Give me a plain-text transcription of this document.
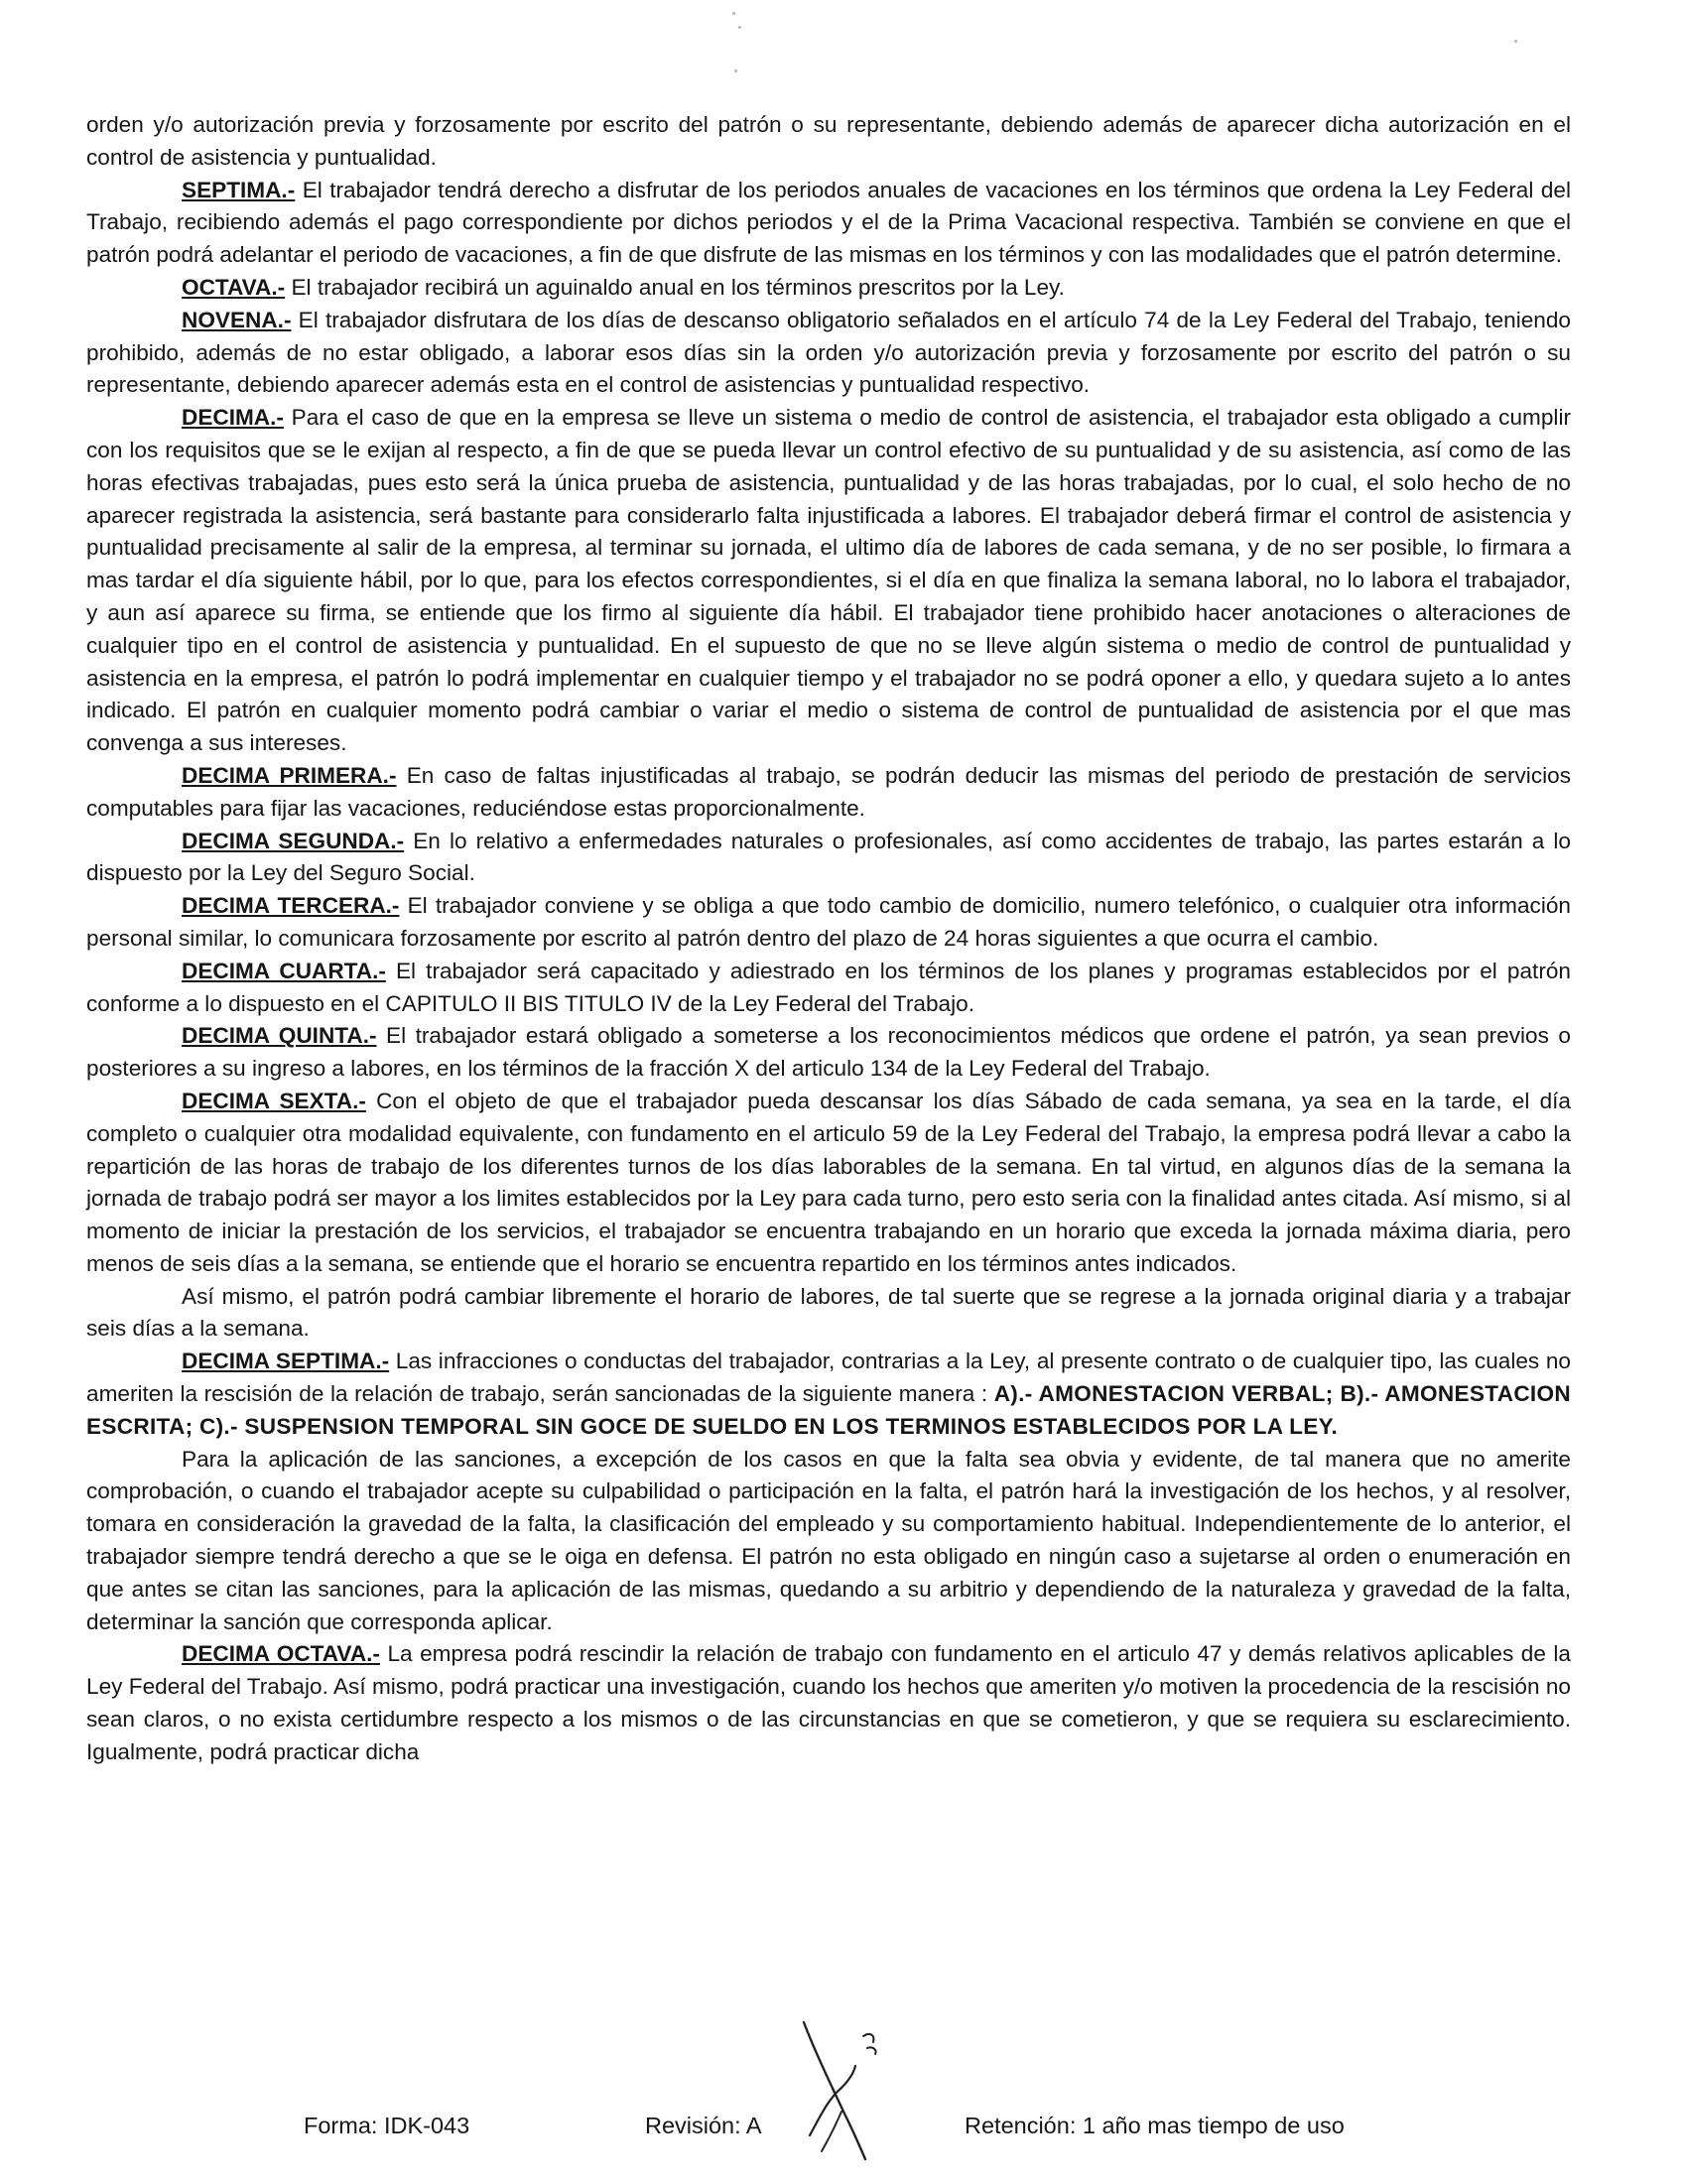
orden y/o autorización previa y forzosamente por escrito del patrón o su representante, debiendo además de aparecer dicha autorización en el control de asistencia y puntualidad.

SEPTIMA.- El trabajador tendrá derecho a disfrutar de los periodos anuales de vacaciones en los términos que ordena la Ley Federal del Trabajo, recibiendo además el pago correspondiente por dichos periodos y el de la Prima Vacacional respectiva. También se conviene en que el patrón podrá adelantar el periodo de vacaciones, a fin de que disfrute de las mismas en los términos y con las modalidades que el patrón determine.

OCTAVA.- El trabajador recibirá un aguinaldo anual en los términos prescritos por la Ley.

NOVENA.- El trabajador disfrutara de los días de descanso obligatorio señalados en el artículo 74 de la Ley Federal del Trabajo, teniendo prohibido, además de no estar obligado, a laborar esos días sin la orden y/o autorización previa y forzosamente por escrito del patrón o su representante, debiendo aparecer además esta en el control de asistencias y puntualidad respectivo.

DECIMA.- Para el caso de que en la empresa se lleve un sistema o medio de control de asistencia, el trabajador esta obligado a cumplir con los requisitos que se le exijan al respecto, a fin de que se pueda llevar un control efectivo de su puntualidad y de su asistencia, así como de las horas efectivas trabajadas, pues esto será la única prueba de asistencia, puntualidad y de las horas trabajadas, por lo cual, el solo hecho de no aparecer registrada la asistencia, será bastante para considerarlo falta injustificada a labores. El trabajador deberá firmar el control de asistencia y puntualidad precisamente al salir de la empresa, al terminar su jornada, el ultimo día de labores de cada semana, y de no ser posible, lo firmara a mas tardar el día siguiente hábil, por lo que, para los efectos correspondientes, si el día en que finaliza la semana laboral, no lo labora el trabajador, y aun así aparece su firma, se entiende que los firmo al siguiente día hábil. El trabajador tiene prohibido hacer anotaciones o alteraciones de cualquier tipo en el control de asistencia y puntualidad. En el supuesto de que no se lleve algún sistema o medio de control de puntualidad y asistencia en la empresa, el patrón lo podrá implementar en cualquier tiempo y el trabajador no se podrá oponer a ello, y quedara sujeto a lo antes indicado. El patrón en cualquier momento podrá cambiar o variar el medio o sistema de control de puntualidad de asistencia por el que mas convenga a sus intereses.

DECIMA PRIMERA.- En caso de faltas injustificadas al trabajo, se podrán deducir las mismas del periodo de prestación de servicios computables para fijar las vacaciones, reduciéndose estas proporcionalmente.

DECIMA SEGUNDA.- En lo relativo a enfermedades naturales o profesionales, así como accidentes de trabajo, las partes estarán a lo dispuesto por la Ley del Seguro Social.

DECIMA TERCERA.- El trabajador conviene y se obliga a que todo cambio de domicilio, numero telefónico, o cualquier otra información personal similar, lo comunicara forzosamente por escrito al patrón dentro del plazo de 24 horas siguientes a que ocurra el cambio.

DECIMA CUARTA.- El trabajador será capacitado y adiestrado en los términos de los planes y programas establecidos por el patrón conforme a lo dispuesto en el CAPITULO II BIS TITULO IV de la Ley Federal del Trabajo.

DECIMA QUINTA.- El trabajador estará obligado a someterse a los reconocimientos médicos que ordene el patrón, ya sean previos o posteriores a su ingreso a labores, en los términos de la fracción X del articulo 134 de la Ley Federal del Trabajo.

DECIMA SEXTA.- Con el objeto de que el trabajador pueda descansar los días Sábado de cada semana, ya sea en la tarde, el día completo o cualquier otra modalidad equivalente, con fundamento en el articulo 59 de la Ley Federal del Trabajo, la empresa podrá llevar a cabo la repartición de las horas de trabajo de los diferentes turnos de los días laborables de la semana. En tal virtud, en algunos días de la semana la jornada de trabajo podrá ser mayor a los limites establecidos por la Ley para cada turno, pero esto seria con la finalidad antes citada. Así mismo, si al momento de iniciar la prestación de los servicios, el trabajador se encuentra trabajando en un horario que exceda la jornada máxima diaria, pero menos de seis días a la semana, se entiende que el horario se encuentra repartido en los términos antes indicados.

Así mismo, el patrón podrá cambiar libremente el horario de labores, de tal suerte que se regrese a la jornada original diaria y a trabajar seis días a la semana.

DECIMA SEPTIMA.- Las infracciones o conductas del trabajador, contrarias a la Ley, al presente contrato o de cualquier tipo, las cuales no ameriten la rescisión de la relación de trabajo, serán sancionadas de la siguiente manera : A).- AMONESTACION VERBAL; B).- AMONESTACION ESCRITA; C).- SUSPENSION TEMPORAL SIN GOCE DE SUELDO EN LOS TERMINOS ESTABLECIDOS POR LA LEY.

Para la aplicación de las sanciones, a excepción de los casos en que la falta sea obvia y evidente, de tal manera que no amerite comprobación, o cuando el trabajador acepte su culpabilidad o participación en la falta, el patrón hará la investigación de los hechos, y al resolver, tomara en consideración la gravedad de la falta, la clasificación del empleado y su comportamiento habitual. Independientemente de lo anterior, el trabajador siempre tendrá derecho a que se le oiga en defensa. El patrón no esta obligado en ningún caso a sujetarse al orden o enumeración en que antes se citan las sanciones, para la aplicación de las mismas, quedando a su arbitrio y dependiendo de la naturaleza y gravedad de la falta, determinar la sanción que corresponda aplicar.

DECIMA OCTAVA.- La empresa podrá rescindir la relación de trabajo con fundamento en el articulo 47 y demás relativos aplicables de la Ley Federal del Trabajo. Así mismo, podrá practicar una investigación, cuando los hechos que ameriten y/o motiven la procedencia de la rescisión no sean claros, o no exista certidumbre respecto a los mismos o de las circunstancias en que se cometieron, y que se requiera su esclarecimiento. Igualmente, podrá practicar dicha

Forma: IDK-043	Revisión: A	Retención: 1 año mas tiempo de uso
